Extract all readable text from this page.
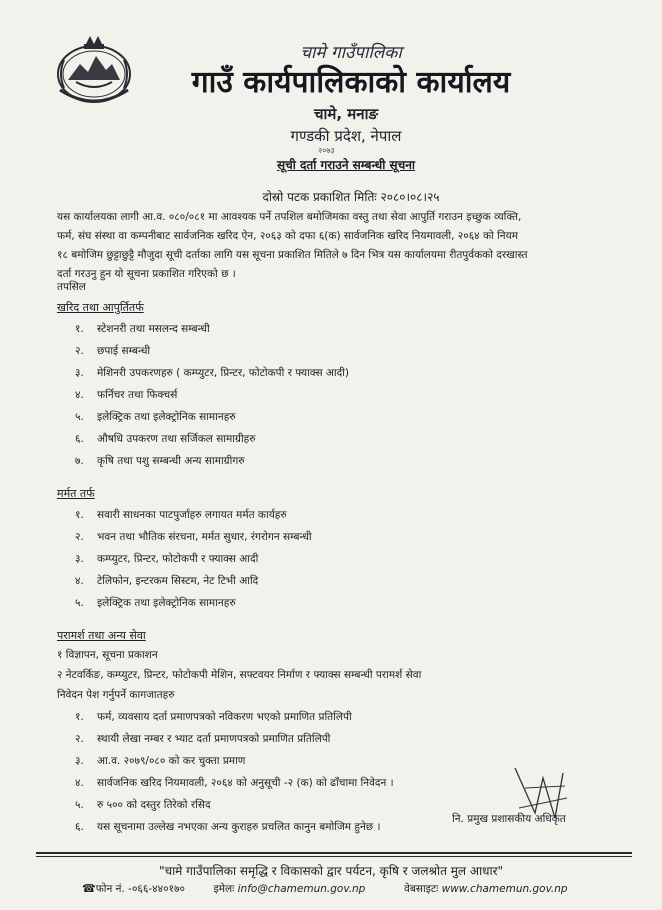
चामे गाउँपालिका
गाउँ कार्यपालिकाको कार्यालय
चामे, मनाङ
गण्डकी प्रदेश, नेपाल
२०७३
सूची दर्ता गराउने सम्बन्धी सूचना
दोस्रो पटक प्रकाशित मितिः २०८०।०८।२५
यस कार्यालयका लागी आ.व. ०८०/०८१ मा आवश्यक पर्ने तपशिल बमोजिमका वस्तु तथा सेवा आपुर्ति गराउन इच्छुक व्यक्ति,
फर्म, संघ संस्था वा कम्पनीबाट सार्वजनिक खरिद ऐन, २०६३ को दफा ६(क) सार्वजनिक खरिद नियमावली, २०६४ को नियम
१८ बमोजिम छुट्टाछुट्टै मौजुदा सूची दर्ताका लागि यस सूचना प्रकाशित मितिले ७ दिन भित्र यस कार्यालयमा रीतपुर्वकको दरखास्त
दर्ता गरउनु हुन यो सूचना प्रकाशित गरिएको छ ।
तपसिल
खरिद तथा आपुर्तितर्फ
१. स्टेशनरी तथा मसलन्द सम्बन्धी
२. छपाई सम्बन्धी
३. मेशिनरी उपकरणहरु ( कम्प्युटर, प्रिन्टर, फोटोकपी र फ्याक्स आदी)
४. फर्निचर तथा फिक्चर्स
५. इलेक्ट्रिक तथा इलेक्ट्रोनिक सामानहरु
६. औषधि उपकरण तथा सर्जिकल सामाग्रीहरु
७. कृषि तथा पशु सम्बन्धी अन्य सामाग्रीगरु
मर्मत तर्फ
१. सवारी साधनका पाटपुर्जाहरु लगायत मर्मत कार्यहरु
२. भवन तथा भौतिक संरचना, मर्मत सुधार, रंगरोगन सम्बन्धी
३. कम्प्युटर, प्रिन्टर, फोटोकपी र फ्याक्स आदी
४. टेलिफोन, इन्टरकम सिस्टम, नेट टिभी आदि
५. इलेक्ट्रिक तथा इलेक्ट्रोनिक सामानहरु
परामर्श तथा अन्य सेवा
१ विज्ञापन, सूचना प्रकाशन
२ नेटवर्किङ, कम्प्युटर, प्रिन्टर, फोटोकपी मेशिन, सफ्टवयर निर्माण र फ्याक्स सम्बन्धी परामर्श सेवा
निवेदन पेश गर्नुपर्ने कागजातहरु
१. फर्म, व्यवसाय दर्ता प्रमाणपत्रको नविकरण भएको प्रमाणित प्रतिलिपी
२. स्थायी लेखा नम्बर र भ्याट दर्ता प्रमाणपत्रको प्रमाणित प्रतिलिपी
३. आ.व. २०७९/०८० को कर चुक्ता प्रमाण
४. सार्वजनिक खरिद नियमावली, २०६४ को अनुसूची -२ (क) को ढाँचामा निवेदन ।
५. रु ५०० को दस्तुर तिरेको रसिद
६. यस सूचनामा उल्लेख नभएका अन्य कुराहरु प्रचलित कानुन बमोजिम हुनेछ ।
नि. प्रमुख प्रशासकीय अधिकृत
"चामे गाउँपालिका समृद्धि र विकासको द्वार पर्यटन, कृषि र जलश्रोत मुल आधार"
☎फोन नं. -०६६-४४०१७०	इमेलः info@chamemun.gov.np	वेबसाइटः www.chamemun.gov.np
